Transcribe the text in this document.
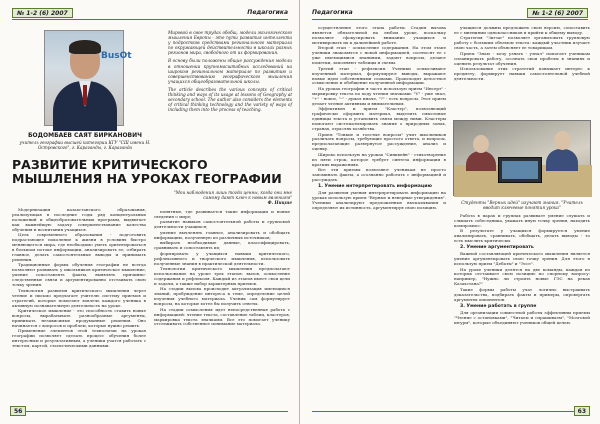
№ 1-2 (6) 2007	Педагогика
BusOt
БОДОМБАЕВ САЯТ БИРКАНОВИЧ
учитель географии высшей категории КГУ "СШ имени Н. Островского", г. Караганды, г. Караганда

Мировой в свое трудах обобщ. модели экологического мышления Европы - это пути развития интеллекта у подростков средствами регионального материала по окружающей действительности в школах разных регионов мира, свободного от их формирования.

В основу были положены общие рассуждения модели в отношении крупномасштабных исследований на широком региональном материале по развитию и совершенствованию географического мышления учащихся общеобразовательной школы.

The article describes the various concepts of critical thinking and ways of its usage at lessons of Geography at secondary school. The author also considers the elements of critical thinking technology and the variety of ways of including them into the process of teaching.

РАЗВИТИЕ КРИТИЧЕСКОГО МЫШЛЕНИЯ НА УРОКАХ ГЕОГРАФИИ
"Мои наблюдения лишь тогда ценны, когда они мне самому дают ключ к новым явлениям"
Ф. Ницше

Модернизация казахстанского образования, реализующая в последние годы ряд концептуальных положений и общеобразовательных программ, выдвигает как важнейшую задачу совершенствование качества обучения и воспитания учащихся.

Цель современного образования - подготовить подрастающее поколение к жизни в условиях быстро меняющегося мира, где необходимо уметь ориентироваться в большом потоке информации, анализировать ее, отбирать главное, делать самостоятельные выводы и принимать решения.

Традиционные формы обучения географии не всегда позволяют развивать у школьников критическое мышление, умение сопоставлять факты, выявлять причинно-следственные связи и аргументированно отстаивать свою точку зрения.

Технология развития критического мышления через чтение и письмо предлагает учителю систему приемов и стратегий, которые помогают вовлечь каждого ученика в активную познавательную деятельность на уроке.

Критическое мышление - это способность ставить новые вопросы, вырабатывать разнообразные аргументы, принимать независимые продуманные решения. Оно начинается с вопросов и проблем, которые нужно решить.

Применение элементов этой технологии на уроках географии позволяет сделать процесс обучения более интересным и результативным, а ученики учатся работать с текстом, картой, статистическими данными.

понятные, где развивается такие информации и новые сведения о мире;

развитие навыков самостоятельной работы и групповой деятельности учащихся;

умение вычленять главное, анализировать и обобщать информацию, полученную из различных источников;

выбирать необходимые данные, классифицировать, сравнивать и сопоставлять их;

формировать у учащихся навыки критического, рефлексивного и творческого мышления, использовать полученные знания в практической деятельности.

Технологии критического мышления предполагают использование на уроке трех этапов: вызов, осмысление содержания и рефлексия. Каждый из этапов имеет свои цели и задачи, а также набор характерных приемов.

На стадии вызова происходит актуализация имеющихся знаний, пробуждение интереса к теме, определение целей изучения учебного материала. Ученик сам формулирует вопросы, на которые хотел бы получить ответы.

На стадии осмысления идет непосредственная работа с информацией: чтение текста, составление таблиц, кластеров, маркировка текста значками. Все это помогает ученику отслеживать собственное понимание материала.

56
Педагогика	№ 1-2 (6) 2007

осуществление этого этапа работы. Стадия вызова является обязательной на любом уроке, поскольку позволяет сфокусировать внимание учащихся и мотивировать их к дальнейшей работе.

Второй этап - осмысление содержания. На этом этапе ученики знакомятся с новой информацией, соотносят ее с уже имеющимися знаниями, задают вопросы, делают пометки, заполняют таблицы и схемы.

Третий этап - рефлексия. Ученики осмысливают изученный материал, формулируют выводы, выражают новые идеи собственными словами. Происходит целостное осмысление и обобщение полученной информации.

На уроках географии я часто использую прием "Инсерт" - маркировку текста по ходу чтения значками: "V" - уже знал, "+" - новое, "-" - думал иначе, "?" - есть вопросы. Этот прием делает чтение активным и внимательным.

Эффективен и прием "Кластер", позволяющий графически оформить материал, выделить смысловые единицы текста и установить связи между ними. Кластеры помогают систематизировать знания о природных зонах, странах, отраслях хозяйства.

Прием "Тонкие и толстые вопросы" учит школьников различать вопросы, требующие простого ответа, и вопросы, предполагающие развернутое рассуждение, анализ и оценку.

Широко использую на уроках "Синквейн" - стихотворение из пяти строк, которое требует синтеза информации в кратких выражениях.

Все эти приемы позволяют ученикам не просто запоминать факты, а осознанно работать с информацией и рассуждать.

1. Умение интерпретировать информацию

Для развития умения интерпретировать информацию на уроках использую прием "Верные и неверные утверждения". Ученики анализируют предложенные высказывания и определяют их истинность, аргументируя свою позицию.

учащиеся должны предложить свою версию, сопоставить ее с мнениями одноклассников и прийти к общему выводу.

Стратегия "Зигзаг" позволяет организовать групповую работу с большим объемом текста: каждый участник изучает свою часть, а затем объясняет ее товарищам.

Прием "Знаю - хочу узнать - узнал" помогает ученикам спланировать работу, осознать свои пробелы в знаниях и оценить результат обучения.

Использование этих стратегий повышает интерес к предмету, формирует навыки самостоятельной учебной деятельности.

Студенты "Верных идей" изучают знания. "Учитель вводит ключевые понятия урока"

Работа в парах и группах развивает умение слушать и слышать собеседника, уважать иную точку зрения, находить компромисс.

В результате у учащихся формируется умение анализировать, сравнивать, обобщать, делать выводы - то есть мыслить критически.

2. Умение аргументировать

Важной составляющей критического мышления является умение аргументировать свою точку зрения. Для этого я использую прием "Дебаты" и "Эссе".

На уроке ученики делятся на две команды, каждая из которых отстаивает свою позицию по спорному вопросу: например, "Нужно ли строить новые ГЭС на реках Казахстана?"

Такие формы работы учат логично выстраивать доказательства, подбирать факты и примеры, опровергать аргументы оппонентов.

3. Умение работать в группе

Для организации совместной работы эффективны приемы "Чтение с остановками", "Читаем и спрашиваем", "Мозговой штурм", которые объединяют учеников общей целью.

63
